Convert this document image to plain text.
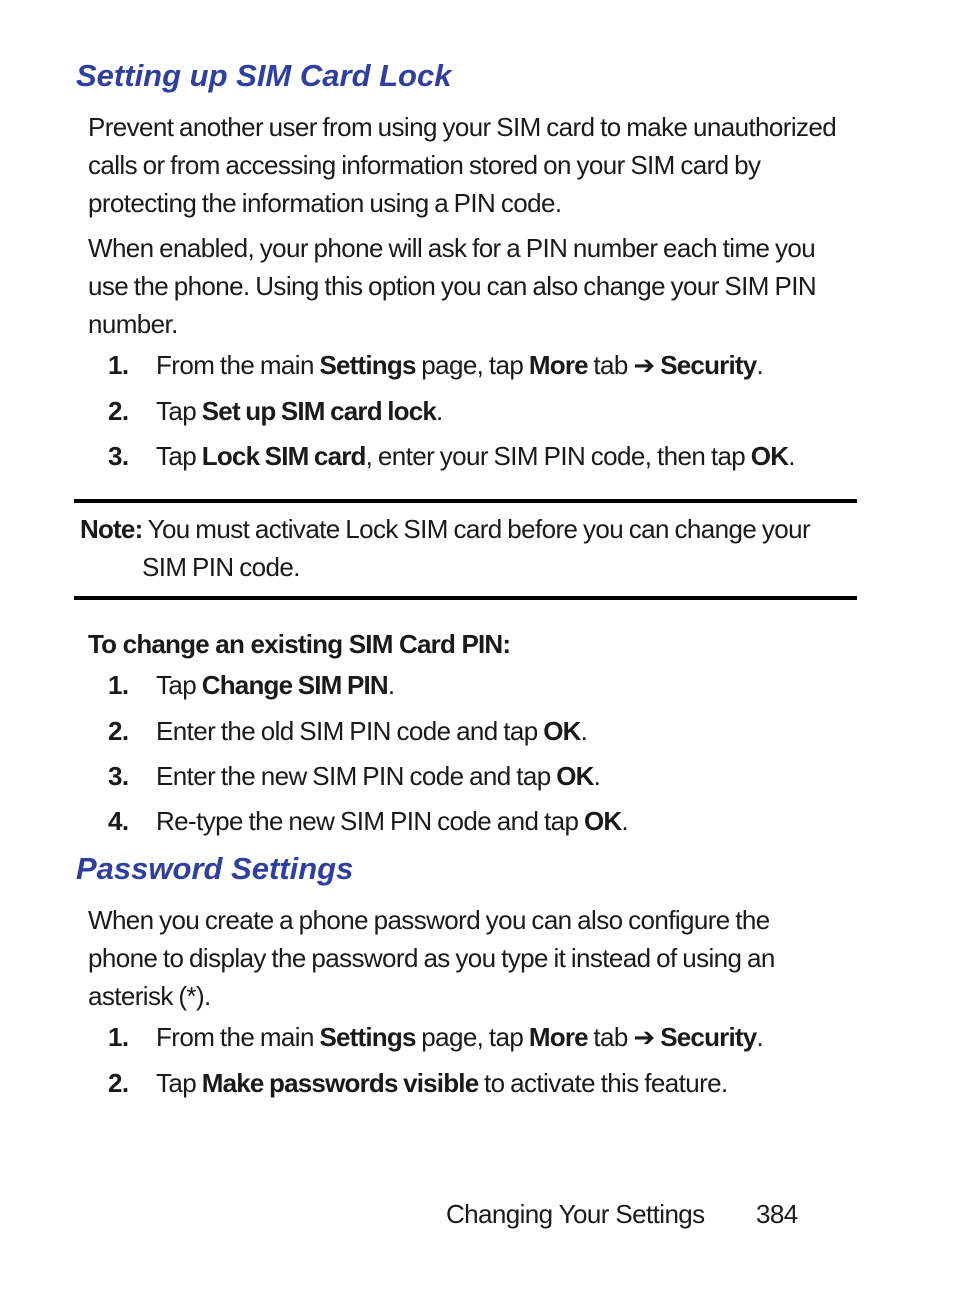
Setting up SIM Card Lock

Prevent another user from using your SIM card to make unauthorized
calls or from accessing information stored on your SIM card by
protecting the information using a PIN code.

When enabled, your phone will ask for a PIN number each time you
use the phone. Using this option you can also change your SIM PIN
number.

1. From the main Settings page, tap More tab ➔ Security.

2. Tap Set up SIM card lock.

3. Tap Lock SIM card, enter your SIM PIN code, then tap OK.

Note: You must activate Lock SIM card before you can change your
SIM PIN code.

To change an existing SIM Card PIN:

1. Tap Change SIM PIN.

2. Enter the old SIM PIN code and tap OK.

3. Enter the new SIM PIN code and tap OK.

4. Re-type the new SIM PIN code and tap OK.

Password Settings

When you create a phone password you can also configure the
phone to display the password as you type it instead of using an
asterisk (*).

1. From the main Settings page, tap More tab ➔ Security.

2. Tap Make passwords visible to activate this feature.

Changing Your Settings 384
